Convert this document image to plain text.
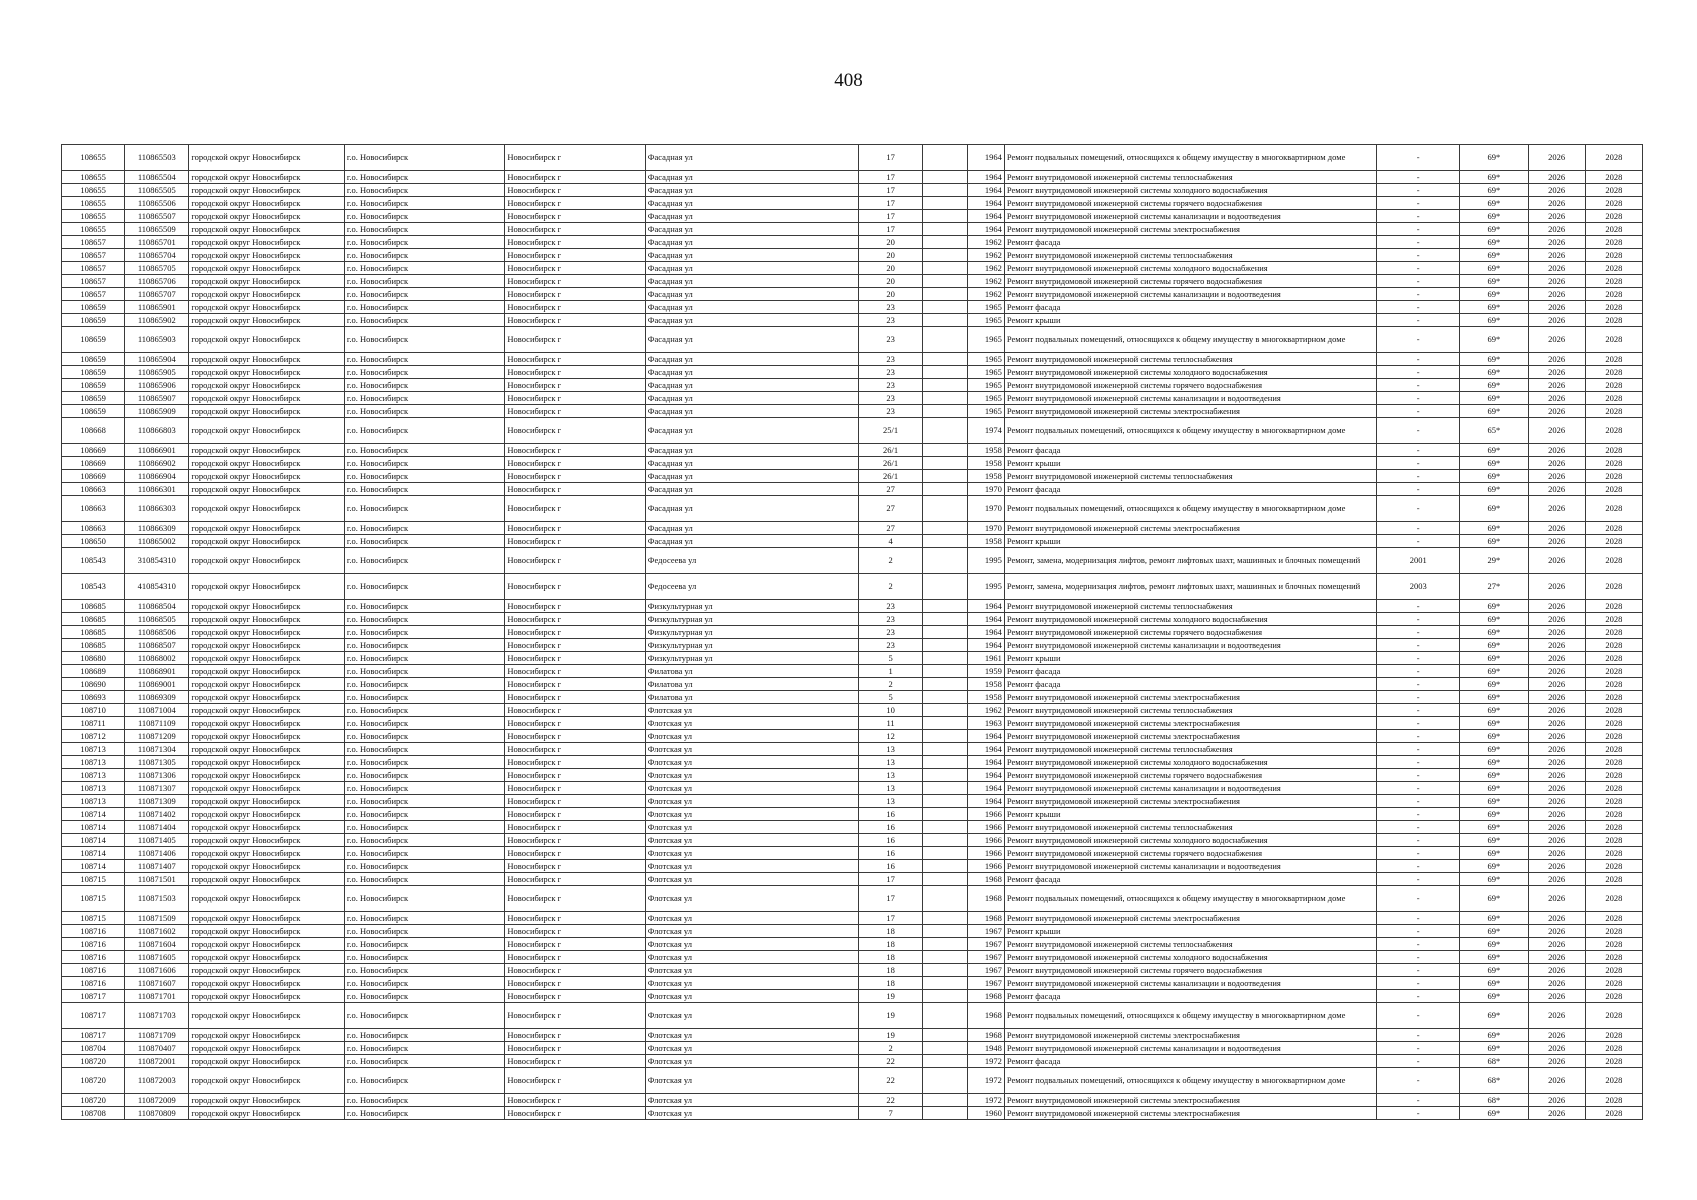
408
108655	110865503	городской округ Новосибирск	г.о. Новосибирск	Новосибирск г	Фасадная ул	17		1964	Ремонт подвальных помещений, относящихся к общему имуществу в многоквартирном доме	-	69*	2026	2028
108655	110865504	городской округ Новосибирск	г.о. Новосибирск	Новосибирск г	Фасадная ул	17		1964	Ремонт внутридомовой инженерной системы теплоснабжения	-	69*	2026	2028
108655	110865505	городской округ Новосибирск	г.о. Новосибирск	Новосибирск г	Фасадная ул	17		1964	Ремонт внутридомовой инженерной системы холодного водоснабжения	-	69*	2026	2028
108655	110865506	городской округ Новосибирск	г.о. Новосибирск	Новосибирск г	Фасадная ул	17		1964	Ремонт внутридомовой инженерной системы горячего водоснабжения	-	69*	2026	2028
108655	110865507	городской округ Новосибирск	г.о. Новосибирск	Новосибирск г	Фасадная ул	17		1964	Ремонт внутридомовой инженерной системы канализации и водоотведения	-	69*	2026	2028
108655	110865509	городской округ Новосибирск	г.о. Новосибирск	Новосибирск г	Фасадная ул	17		1964	Ремонт внутридомовой инженерной системы электроснабжения	-	69*	2026	2028
108657	110865701	городской округ Новосибирск	г.о. Новосибирск	Новосибирск г	Фасадная ул	20		1962	Ремонт фасада	-	69*	2026	2028
108657	110865704	городской округ Новосибирск	г.о. Новосибирск	Новосибирск г	Фасадная ул	20		1962	Ремонт внутридомовой инженерной системы теплоснабжения	-	69*	2026	2028
108657	110865705	городской округ Новосибирск	г.о. Новосибирск	Новосибирск г	Фасадная ул	20		1962	Ремонт внутридомовой инженерной системы холодного водоснабжения	-	69*	2026	2028
108657	110865706	городской округ Новосибирск	г.о. Новосибирск	Новосибирск г	Фасадная ул	20		1962	Ремонт внутридомовой инженерной системы горячего водоснабжения	-	69*	2026	2028
108657	110865707	городской округ Новосибирск	г.о. Новосибирск	Новосибирск г	Фасадная ул	20		1962	Ремонт внутридомовой инженерной системы канализации и водоотведения	-	69*	2026	2028
108659	110865901	городской округ Новосибирск	г.о. Новосибирск	Новосибирск г	Фасадная ул	23		1965	Ремонт фасада	-	69*	2026	2028
108659	110865902	городской округ Новосибирск	г.о. Новосибирск	Новосибирск г	Фасадная ул	23		1965	Ремонт крыши	-	69*	2026	2028
108659	110865903	городской округ Новосибирск	г.о. Новосибирск	Новосибирск г	Фасадная ул	23		1965	Ремонт подвальных помещений, относящихся к общему имуществу в многоквартирном доме	-	69*	2026	2028
108659	110865904	городской округ Новосибирск	г.о. Новосибирск	Новосибирск г	Фасадная ул	23		1965	Ремонт внутридомовой инженерной системы теплоснабжения	-	69*	2026	2028
108659	110865905	городской округ Новосибирск	г.о. Новосибирск	Новосибирск г	Фасадная ул	23		1965	Ремонт внутридомовой инженерной системы холодного водоснабжения	-	69*	2026	2028
108659	110865906	городской округ Новосибирск	г.о. Новосибирск	Новосибирск г	Фасадная ул	23		1965	Ремонт внутридомовой инженерной системы горячего водоснабжения	-	69*	2026	2028
108659	110865907	городской округ Новосибирск	г.о. Новосибирск	Новосибирск г	Фасадная ул	23		1965	Ремонт внутридомовой инженерной системы канализации и водоотведения	-	69*	2026	2028
108659	110865909	городской округ Новосибирск	г.о. Новосибирск	Новосибирск г	Фасадная ул	23		1965	Ремонт внутридомовой инженерной системы электроснабжения	-	69*	2026	2028
108668	110866803	городской округ Новосибирск	г.о. Новосибирск	Новосибирск г	Фасадная ул	25/1		1974	Ремонт подвальных помещений, относящихся к общему имуществу в многоквартирном доме	-	65*	2026	2028
108669	110866901	городской округ Новосибирск	г.о. Новосибирск	Новосибирск г	Фасадная ул	26/1		1958	Ремонт фасада	-	69*	2026	2028
108669	110866902	городской округ Новосибирск	г.о. Новосибирск	Новосибирск г	Фасадная ул	26/1		1958	Ремонт крыши	-	69*	2026	2028
108669	110866904	городской округ Новосибирск	г.о. Новосибирск	Новосибирск г	Фасадная ул	26/1		1958	Ремонт внутридомовой инженерной системы теплоснабжения	-	69*	2026	2028
108663	110866301	городской округ Новосибирск	г.о. Новосибирск	Новосибирск г	Фасадная ул	27		1970	Ремонт фасада	-	69*	2026	2028
108663	110866303	городской округ Новосибирск	г.о. Новосибирск	Новосибирск г	Фасадная ул	27		1970	Ремонт подвальных помещений, относящихся к общему имуществу в многоквартирном доме	-	69*	2026	2028
108663	110866309	городской округ Новосибирск	г.о. Новосибирск	Новосибирск г	Фасадная ул	27		1970	Ремонт внутридомовой инженерной системы электроснабжения	-	69*	2026	2028
108650	110865002	городской округ Новосибирск	г.о. Новосибирск	Новосибирск г	Фасадная ул	4		1958	Ремонт крыши	-	69*	2026	2028
108543	310854310	городской округ Новосибирск	г.о. Новосибирск	Новосибирск г	Федосеева ул	2		1995	Ремонт, замена, модернизация лифтов, ремонт лифтовых шахт, машинных и блочных помещений	2001	29*	2026	2028
108543	410854310	городской округ Новосибирск	г.о. Новосибирск	Новосибирск г	Федосеева ул	2		1995	Ремонт, замена, модернизация лифтов, ремонт лифтовых шахт, машинных и блочных помещений	2003	27*	2026	2028
108685	110868504	городской округ Новосибирск	г.о. Новосибирск	Новосибирск г	Физкультурная ул	23		1964	Ремонт внутридомовой инженерной системы теплоснабжения	-	69*	2026	2028
108685	110868505	городской округ Новосибирск	г.о. Новосибирск	Новосибирск г	Физкультурная ул	23		1964	Ремонт внутридомовой инженерной системы холодного водоснабжения	-	69*	2026	2028
108685	110868506	городской округ Новосибирск	г.о. Новосибирск	Новосибирск г	Физкультурная ул	23		1964	Ремонт внутридомовой инженерной системы горячего водоснабжения	-	69*	2026	2028
108685	110868507	городской округ Новосибирск	г.о. Новосибирск	Новосибирск г	Физкультурная ул	23		1964	Ремонт внутридомовой инженерной системы канализации и водоотведения	-	69*	2026	2028
108680	110868002	городской округ Новосибирск	г.о. Новосибирск	Новосибирск г	Физкультурная ул	5		1961	Ремонт крыши	-	69*	2026	2028
108689	110868901	городской округ Новосибирск	г.о. Новосибирск	Новосибирск г	Филатова ул	1		1959	Ремонт фасада	-	69*	2026	2028
108690	110869001	городской округ Новосибирск	г.о. Новосибирск	Новосибирск г	Филатова ул	2		1958	Ремонт фасада	-	69*	2026	2028
108693	110869309	городской округ Новосибирск	г.о. Новосибирск	Новосибирск г	Филатова ул	5		1958	Ремонт внутридомовой инженерной системы электроснабжения	-	69*	2026	2028
108710	110871004	городской округ Новосибирск	г.о. Новосибирск	Новосибирск г	Флотская ул	10		1962	Ремонт внутридомовой инженерной системы теплоснабжения	-	69*	2026	2028
108711	110871109	городской округ Новосибирск	г.о. Новосибирск	Новосибирск г	Флотская ул	11		1963	Ремонт внутридомовой инженерной системы электроснабжения	-	69*	2026	2028
108712	110871209	городской округ Новосибирск	г.о. Новосибирск	Новосибирск г	Флотская ул	12		1964	Ремонт внутридомовой инженерной системы электроснабжения	-	69*	2026	2028
108713	110871304	городской округ Новосибирск	г.о. Новосибирск	Новосибирск г	Флотская ул	13		1964	Ремонт внутридомовой инженерной системы теплоснабжения	-	69*	2026	2028
108713	110871305	городской округ Новосибирск	г.о. Новосибирск	Новосибирск г	Флотская ул	13		1964	Ремонт внутридомовой инженерной системы холодного водоснабжения	-	69*	2026	2028
108713	110871306	городской округ Новосибирск	г.о. Новосибирск	Новосибирск г	Флотская ул	13		1964	Ремонт внутридомовой инженерной системы горячего водоснабжения	-	69*	2026	2028
108713	110871307	городской округ Новосибирск	г.о. Новосибирск	Новосибирск г	Флотская ул	13		1964	Ремонт внутридомовой инженерной системы канализации и водоотведения	-	69*	2026	2028
108713	110871309	городской округ Новосибирск	г.о. Новосибирск	Новосибирск г	Флотская ул	13		1964	Ремонт внутридомовой инженерной системы электроснабжения	-	69*	2026	2028
108714	110871402	городской округ Новосибирск	г.о. Новосибирск	Новосибирск г	Флотская ул	16		1966	Ремонт крыши	-	69*	2026	2028
108714	110871404	городской округ Новосибирск	г.о. Новосибирск	Новосибирск г	Флотская ул	16		1966	Ремонт внутридомовой инженерной системы теплоснабжения	-	69*	2026	2028
108714	110871405	городской округ Новосибирск	г.о. Новосибирск	Новосибирск г	Флотская ул	16		1966	Ремонт внутридомовой инженерной системы холодного водоснабжения	-	69*	2026	2028
108714	110871406	городской округ Новосибирск	г.о. Новосибирск	Новосибирск г	Флотская ул	16		1966	Ремонт внутридомовой инженерной системы горячего водоснабжения	-	69*	2026	2028
108714	110871407	городской округ Новосибирск	г.о. Новосибирск	Новосибирск г	Флотская ул	16		1966	Ремонт внутридомовой инженерной системы канализации и водоотведения	-	69*	2026	2028
108715	110871501	городской округ Новосибирск	г.о. Новосибирск	Новосибирск г	Флотская ул	17		1968	Ремонт фасада	-	69*	2026	2028
108715	110871503	городской округ Новосибирск	г.о. Новосибирск	Новосибирск г	Флотская ул	17		1968	Ремонт подвальных помещений, относящихся к общему имуществу в многоквартирном доме	-	69*	2026	2028
108715	110871509	городской округ Новосибирск	г.о. Новосибирск	Новосибирск г	Флотская ул	17		1968	Ремонт внутридомовой инженерной системы электроснабжения	-	69*	2026	2028
108716	110871602	городской округ Новосибирск	г.о. Новосибирск	Новосибирск г	Флотская ул	18		1967	Ремонт крыши	-	69*	2026	2028
108716	110871604	городской округ Новосибирск	г.о. Новосибирск	Новосибирск г	Флотская ул	18		1967	Ремонт внутридомовой инженерной системы теплоснабжения	-	69*	2026	2028
108716	110871605	городской округ Новосибирск	г.о. Новосибирск	Новосибирск г	Флотская ул	18		1967	Ремонт внутридомовой инженерной системы холодного водоснабжения	-	69*	2026	2028
108716	110871606	городской округ Новосибирск	г.о. Новосибирск	Новосибирск г	Флотская ул	18		1967	Ремонт внутридомовой инженерной системы горячего водоснабжения	-	69*	2026	2028
108716	110871607	городской округ Новосибирск	г.о. Новосибирск	Новосибирск г	Флотская ул	18		1967	Ремонт внутридомовой инженерной системы канализации и водоотведения	-	69*	2026	2028
108717	110871701	городской округ Новосибирск	г.о. Новосибирск	Новосибирск г	Флотская ул	19		1968	Ремонт фасада	-	69*	2026	2028
108717	110871703	городской округ Новосибирск	г.о. Новосибирск	Новосибирск г	Флотская ул	19		1968	Ремонт подвальных помещений, относящихся к общему имуществу в многоквартирном доме	-	69*	2026	2028
108717	110871709	городской округ Новосибирск	г.о. Новосибирск	Новосибирск г	Флотская ул	19		1968	Ремонт внутридомовой инженерной системы электроснабжения	-	69*	2026	2028
108704	110870407	городской округ Новосибирск	г.о. Новосибирск	Новосибирск г	Флотская ул	2		1948	Ремонт внутридомовой инженерной системы канализации и водоотведения	-	69*	2026	2028
108720	110872001	городской округ Новосибирск	г.о. Новосибирск	Новосибирск г	Флотская ул	22		1972	Ремонт фасада	-	68*	2026	2028
108720	110872003	городской округ Новосибирск	г.о. Новосибирск	Новосибирск г	Флотская ул	22		1972	Ремонт подвальных помещений, относящихся к общему имуществу в многоквартирном доме	-	68*	2026	2028
108720	110872009	городской округ Новосибирск	г.о. Новосибирск	Новосибирск г	Флотская ул	22		1972	Ремонт внутридомовой инженерной системы электроснабжения	-	68*	2026	2028
108708	110870809	городской округ Новосибирск	г.о. Новосибирск	Новосибирск г	Флотская ул	7		1960	Ремонт внутридомовой инженерной системы электроснабжения	-	69*	2026	2028
